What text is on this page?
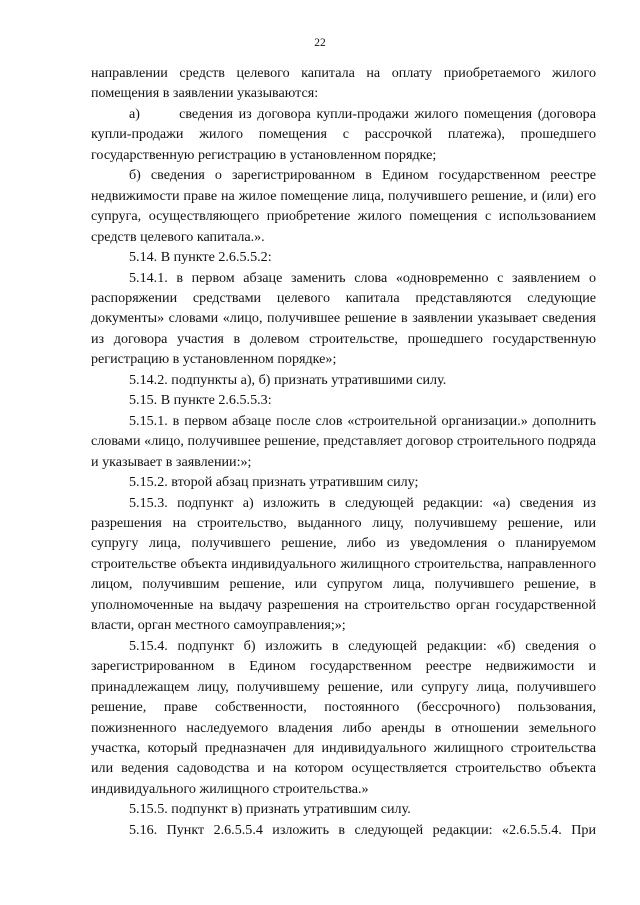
22

направлении средств целевого капитала на оплату приобретаемого жилого помещения в заявлении указываются:

а)       сведения из договора купли-продажи жилого помещения (договора купли-продажи жилого помещения с рассрочкой платежа), прошедшего государственную регистрацию в установленном порядке;

б) сведения о зарегистрированном в Едином государственном реестре недвижимости праве на жилое помещение лица, получившего решение, и (или) его супруга, осуществляющего приобретение жилого помещения с использованием средств целевого капитала.».

5.14. В пункте 2.6.5.5.2:

5.14.1. в первом абзаце заменить слова «одновременно с заявлением о распоряжении средствами целевого капитала представляются следующие документы» словами «лицо, получившее решение в заявлении указывает сведения из договора участия в долевом строительстве, прошедшего государственную регистрацию в установленном порядке»;

5.14.2. подпункты а), б) признать утратившими силу.

5.15. В пункте 2.6.5.5.3:

5.15.1. в первом абзаце после слов «строительной организации.» дополнить словами «лицо, получившее решение, представляет договор строительного подряда и указывает в заявлении:»;

5.15.2. второй абзац признать утратившим силу;

5.15.3. подпункт а) изложить в следующей редакции: «а) сведения из разрешения на строительство, выданного лицу, получившему решение, или супругу лица, получившего решение, либо из уведомления о планируемом строительстве объекта индивидуального жилищного строительства, направленного лицом, получившим решение, или супругом лица, получившего решение, в уполномоченные на выдачу разрешения на строительство орган государственной власти, орган местного самоуправления;»;

5.15.4. подпункт б) изложить в следующей редакции: «б) сведения о зарегистрированном в Едином государственном реестре недвижимости и принадлежащем лицу, получившему решение, или супругу лица, получившего решение, праве собственности, постоянного (бессрочного) пользования, пожизненного наследуемого владения либо аренды в отношении земельного участка, который предназначен для индивидуального жилищного строительства или ведения садоводства и на котором осуществляется строительство объекта индивидуального жилищного строительства.»

5.15.5. подпункт в) признать утратившим силу.

5.16. Пункт 2.6.5.5.4 изложить в следующей редакции: «2.6.5.5.4. При
